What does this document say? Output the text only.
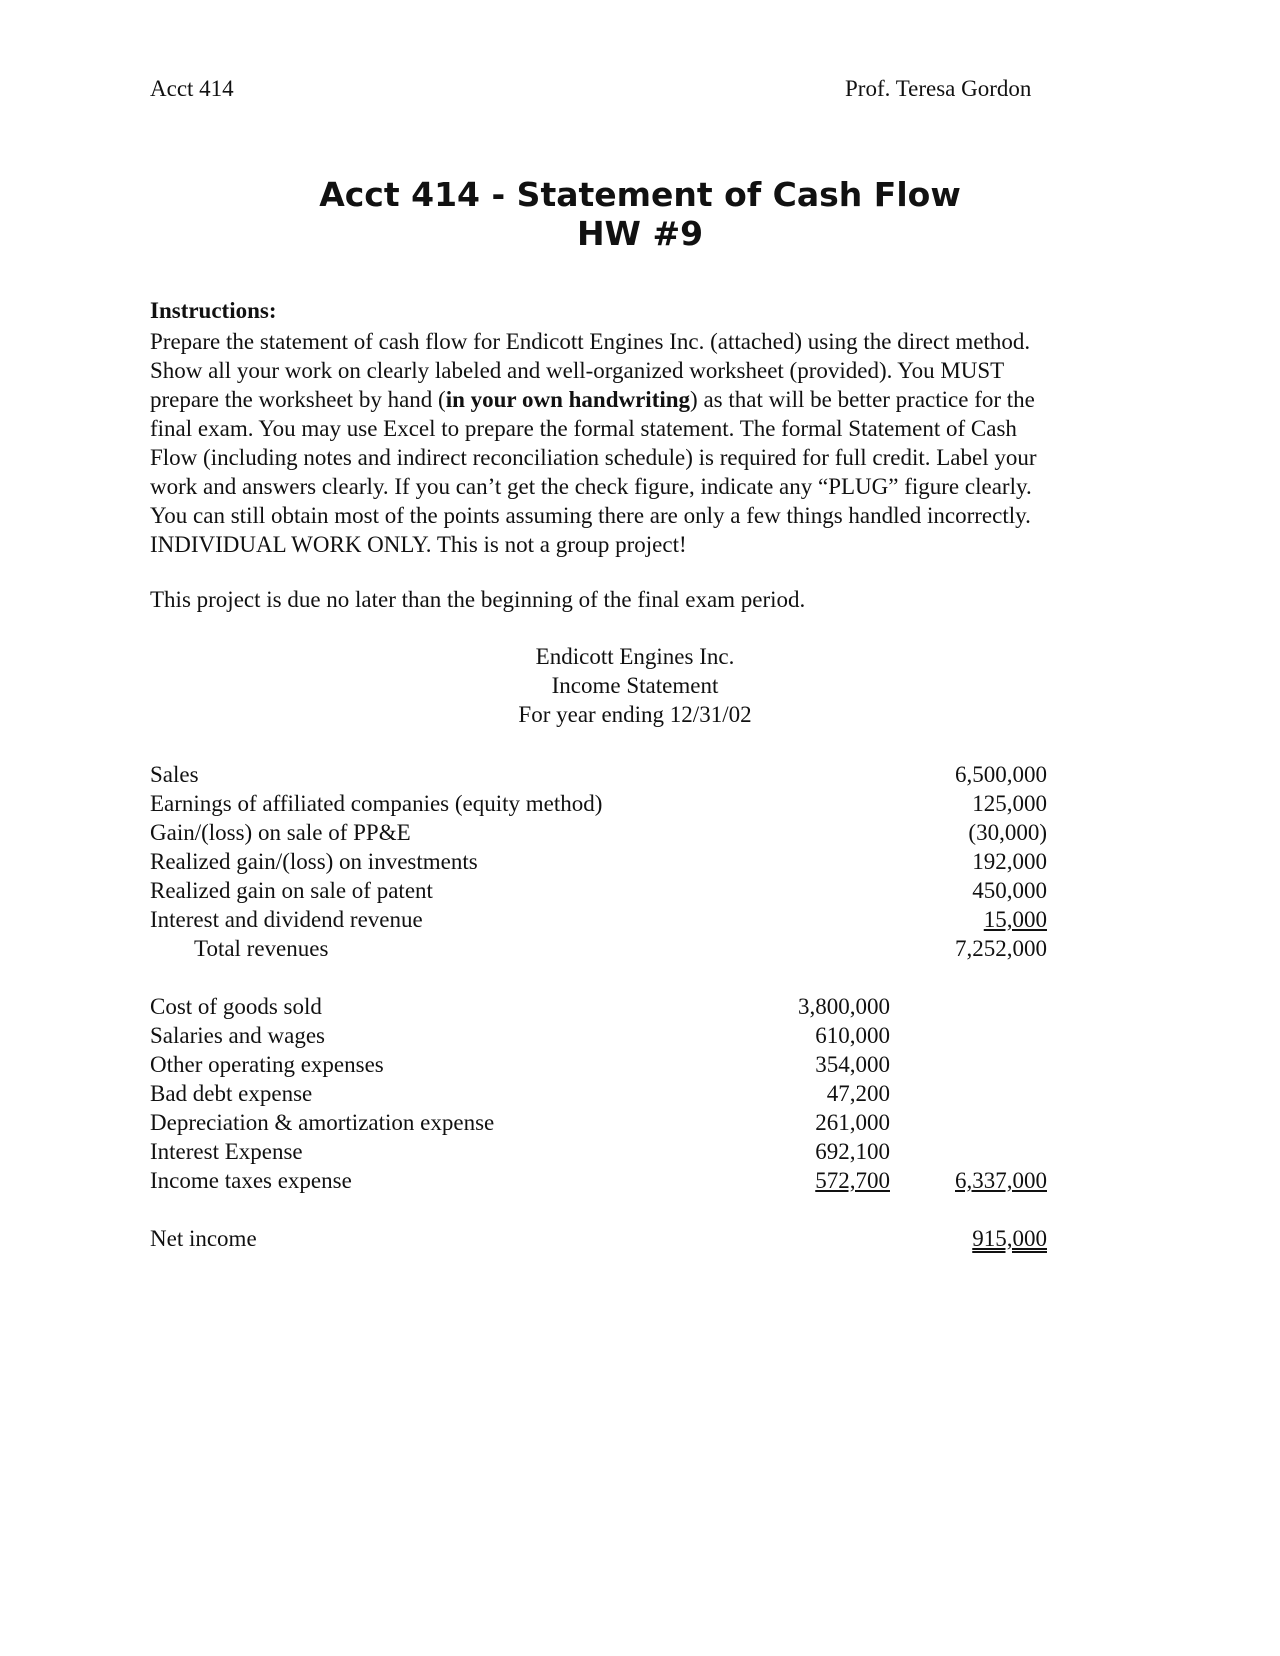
Acct 414	Prof. Teresa Gordon
Acct 414 - Statement of Cash Flow
HW #9
Instructions:
Prepare the statement of cash flow for Endicott Engines Inc. (attached) using the direct method.
Show all your work on clearly labeled and well-organized worksheet (provided). You MUST
prepare the worksheet by hand (in your own handwriting) as that will be better practice for the
final exam. You may use Excel to prepare the formal statement. The formal Statement of Cash
Flow (including notes and indirect reconciliation schedule) is required for full credit. Label your
work and answers clearly. If you can’t get the check figure, indicate any “PLUG” figure clearly.
You can still obtain most of the points assuming there are only a few things handled incorrectly.
INDIVIDUAL WORK ONLY. This is not a group project!
This project is due no later than the beginning of the final exam period.
Endicott Engines Inc.
Income Statement
For year ending 12/31/02
Sales	6,500,000
Earnings of affiliated companies (equity method)	125,000
Gain/(loss) on sale of PP&E	(30,000)
Realized gain/(loss) on investments	192,000
Realized gain on sale of patent	450,000
Interest and dividend revenue	15,000
Total revenues	7,252,000
Cost of goods sold	3,800,000
Salaries and wages	610,000
Other operating expenses	354,000
Bad debt expense	47,200
Depreciation & amortization expense	261,000
Interest Expense	692,100
Income taxes expense	572,700	6,337,000
Net income	915,000
